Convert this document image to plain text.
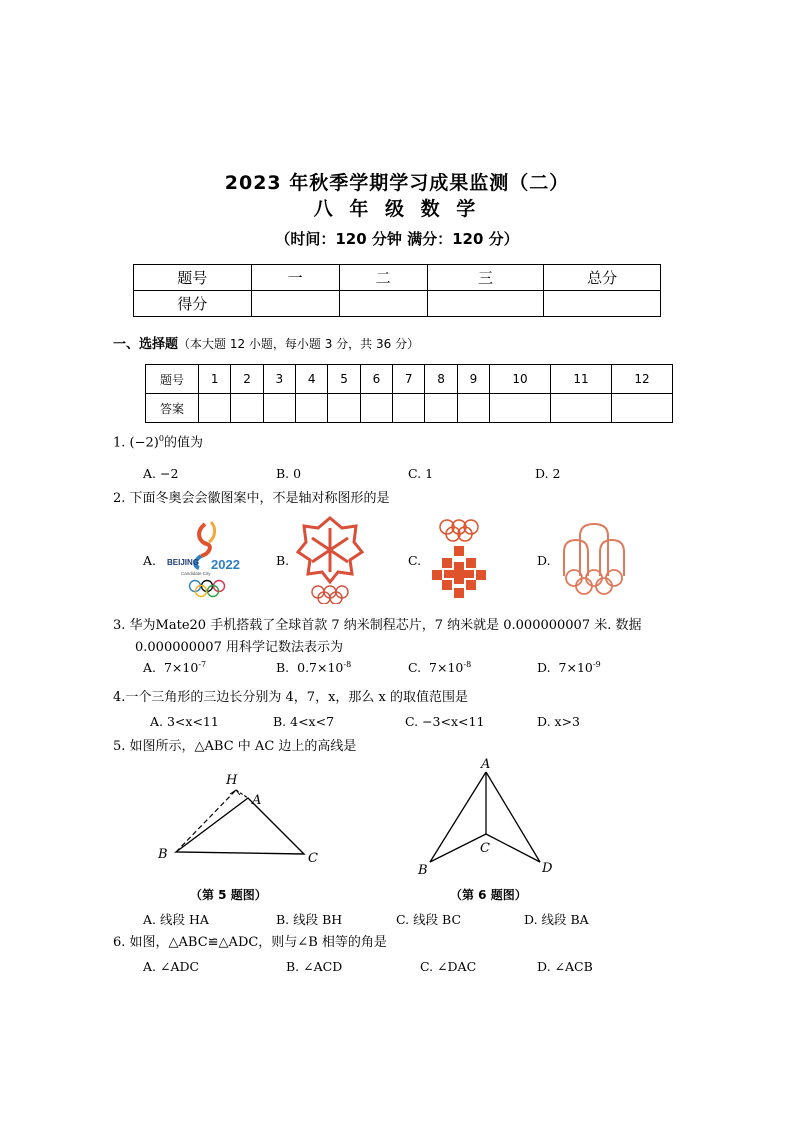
2023 年秋季学期学习成果监测（二）
八 年 级 数 学
（时间：120 分钟 满分：120 分）
题号	一	二	三	总分
得分				
一、选择题（本大题 12 小题，每小题 3 分，共 36 分）
题号	1	2	3	4	5	6	7	8	9	10	11	12
答案												
1. $(-2)^0$的值为
A. −2	B. 0	C. 1	D. 2
2. 下面冬奥会会徽图案中，不是轴对称图形的是
A.	B.	C.	D.
BEIJING 2022
Candidate City
3. 华为Mate20 手机搭载了全球首款 7 纳米制程芯片，7 纳米就是 0.000000007 米. 数据
0.000000007 用科学记数法表示为
A. $7\times 10^{-7}$	B. $0.7\times 10^{-8}$	C. $7\times 10^{-8}$	D. $7\times 10^{-9}$
4.一个三角形的三边长分别为 4，7，x，那么 x 的取值范围是
A. 3<x<11	B. 4<x<7	C. −3<x<11	D. x>3
5. 如图所示，△ABC 中 AC 边上的高线是
H
A
B	C
A
B
C
D
（第 5 题图）	（第 6 题图）
A. 线段 HA	B. 线段 BH	C. 线段 BC	D. 线段 BA
6. 如图，△ABC≌△ADC，则与∠B 相等的角是
A. ∠ADC	B. ∠ACD	C. ∠DAC	D. ∠ACB
